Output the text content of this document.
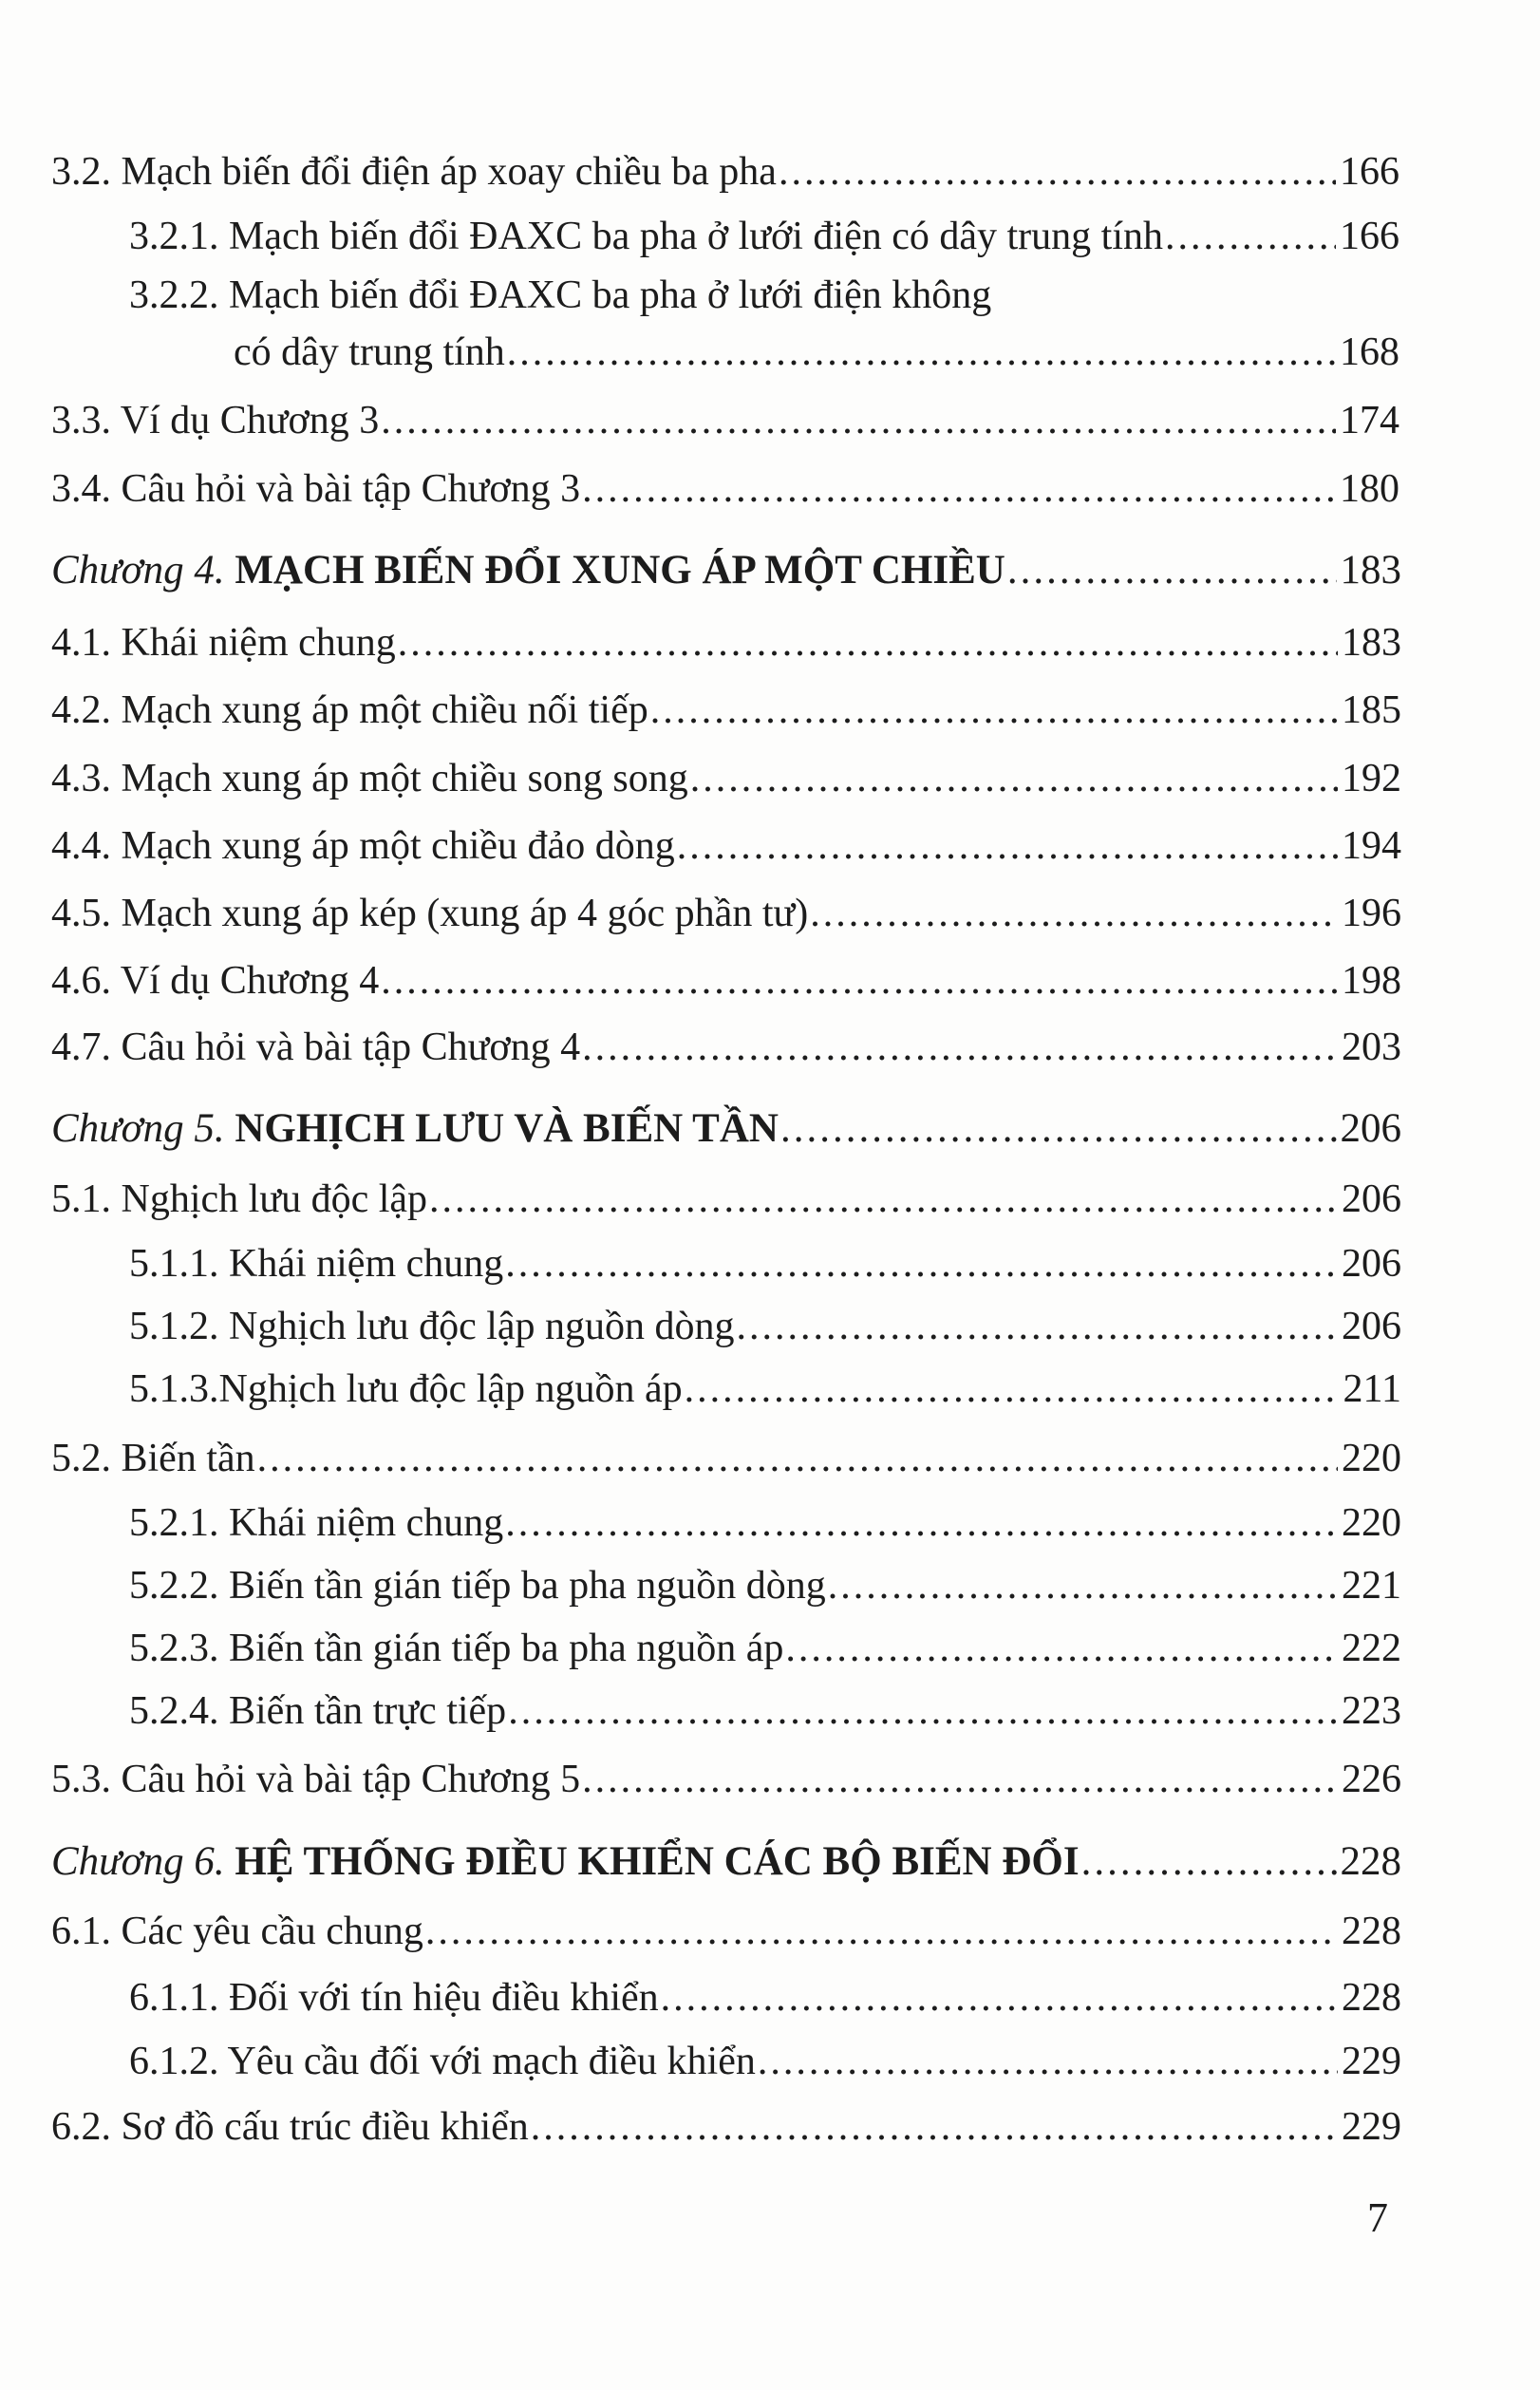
3.2. Mạch biến đổi điện áp xoay chiều ba pha .....	166
3.2.1. Mạch biến đổi ĐAXC ba pha ở lưới điện có dây trung tính .....	166
3.2.2. Mạch biến đổi ĐAXC ba pha ở lưới điện không
có dây trung tính .....	168
3.3. Ví dụ Chương 3 .....	174
3.4. Câu hỏi và bài tập Chương 3 .....	180
Chương 4. MẠCH BIẾN ĐỔI XUNG ÁP MỘT CHIỀU .....	183
4.1. Khái niệm chung .....	183
4.2. Mạch xung áp một chiều nối tiếp .....	185
4.3. Mạch xung áp một chiều song song .....	192
4.4. Mạch xung áp một chiều đảo dòng .....	194
4.5. Mạch xung áp kép (xung áp 4 góc phần tư) .....	196
4.6. Ví dụ Chương 4 .....	198
4.7. Câu hỏi và bài tập Chương 4 .....	203
Chương 5. NGHỊCH LƯU VÀ BIẾN TẦN .....	206
5.1. Nghịch lưu độc lập .....	206
5.1.1. Khái niệm chung .....	206
5.1.2. Nghịch lưu độc lập nguồn dòng .....	206
5.1.3.Nghịch lưu độc lập nguồn áp .....	211
5.2. Biến tần .....	220
5.2.1. Khái niệm chung .....	220
5.2.2. Biến tần gián tiếp ba pha nguồn dòng .....	221
5.2.3. Biến tần gián tiếp ba pha nguồn áp .....	222
5.2.4. Biến tần trực tiếp .....	223
5.3. Câu hỏi và bài tập Chương 5 .....	226
Chương 6. HỆ THỐNG ĐIỀU KHIỂN CÁC BỘ BIẾN ĐỔI .....	228
6.1. Các yêu cầu chung .....	228
6.1.1. Đối với tín hiệu điều khiển .....	228
6.1.2. Yêu cầu đối với mạch điều khiển .....	229
6.2. Sơ đồ cấu trúc điều khiển .....	229
7
